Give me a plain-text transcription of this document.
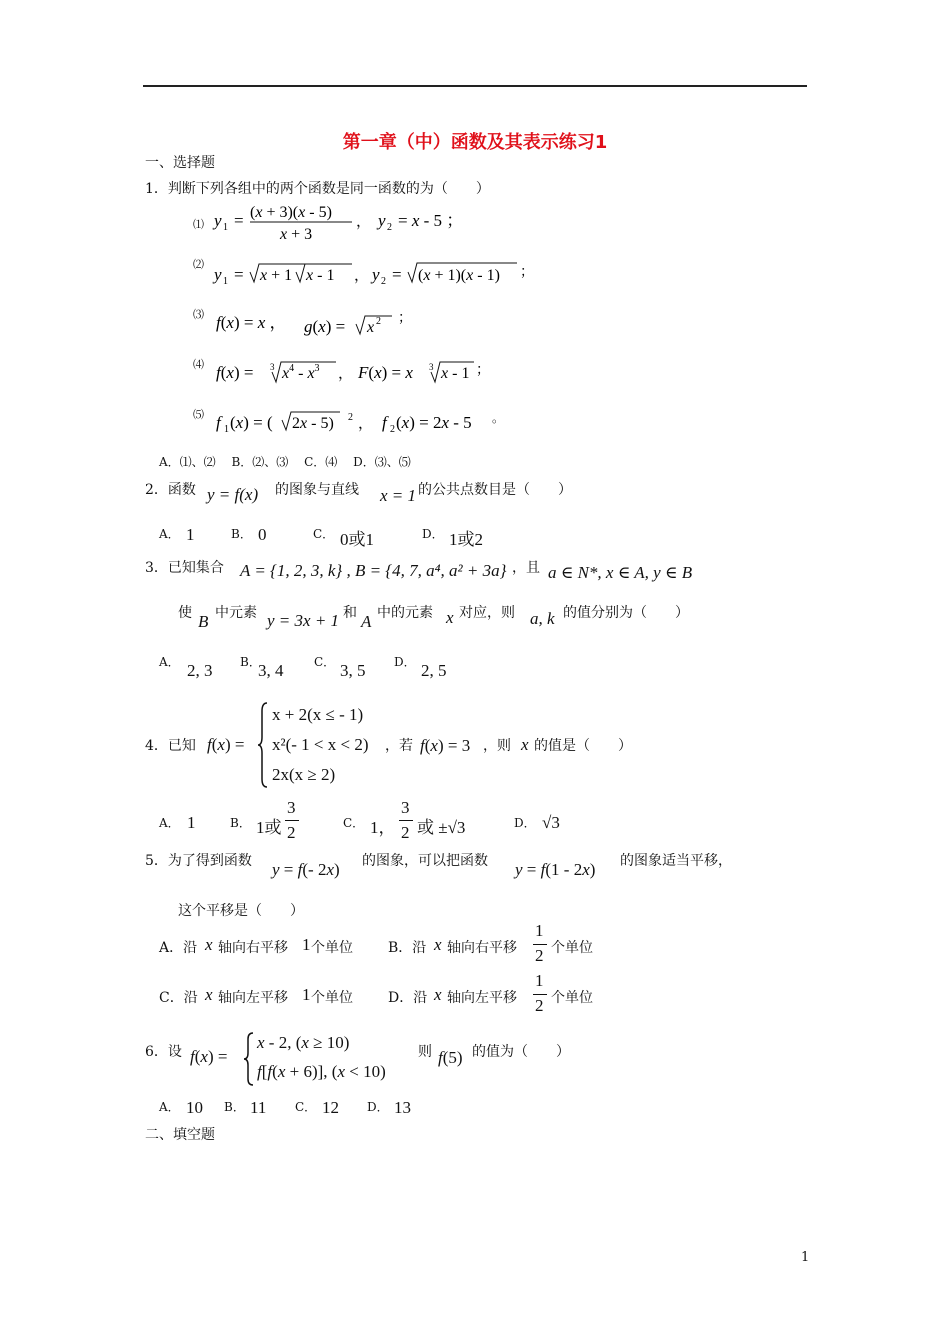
第一章（中）函数及其表示练习1
一、选择题
1．判断下列各组中的两个函数是同一函数的为（　　）
⑴ y 1 = (x + 3)(x - 5)
x + 3
， y 2 = x - 5 ；
⑵
y 1 = x + 1 x - 1 ， y 2 = (x + 1)(x - 1) ；
⑶ f(x) = x ， g(x) = x 2 ；
⑷ f(x) = 3 $x^4 - x^3$ ， F(x) = x 3 x - 1 ；
⑸ f 1 (x) = ( 2x - 5) 2 ， f 2 (x) = 2x - 5 。
A．⑴、⑵　 B．⑵、⑶　 C．⑷　 D．⑶、⑸
2．函数 y = f(x) 的图象与直线 x = 1 的公共点数目是（　　）
A． 1	B． 0	C． 0或1	D． 1或2
3．已知集合 A = {1, 2, 3, k} , B = {4, 7, a⁴, a² + 3a} ，且 a ∈ N*, x ∈ A, y ∈ B
使 B 中元素 y = 3x + 1 和 A 中的元素 x 对应，则 a, k 的值分别为（　　）
A． 2, 3 B．
3, 4	C． 3, 5 D． 2, 5
4．已知 f(x) =
x + 2(x ≤ - 1)
x²(- 1 < x < 2)
2x(x ≥ 2)
，若 f(x) = 3 ，则 x 的值是（　　）
A． 1	B． 1或
3
2	C． 1，
3
2 或 ±√3	D． √3
5．为了得到函数 y = f(- 2x) 的图象，可以把函数 y = f(1 - 2x) 的图象适当平移，
这个平移是（　　）
A．沿 x 轴向右平移 1 个单位	B．沿 x 轴向右平移
1
2 个单位
C．沿 x 轴向左平移 1 个单位	D．沿 x 轴向左平移
1
2 个单位
6．设 f(x) =
x - 2, (x ≥ 10)
f[f(x + 6)], (x < 10)
则 f(5) 的值为（　　）
A． 10 B． 11 C． 12 D． 13
二、填空题
1
